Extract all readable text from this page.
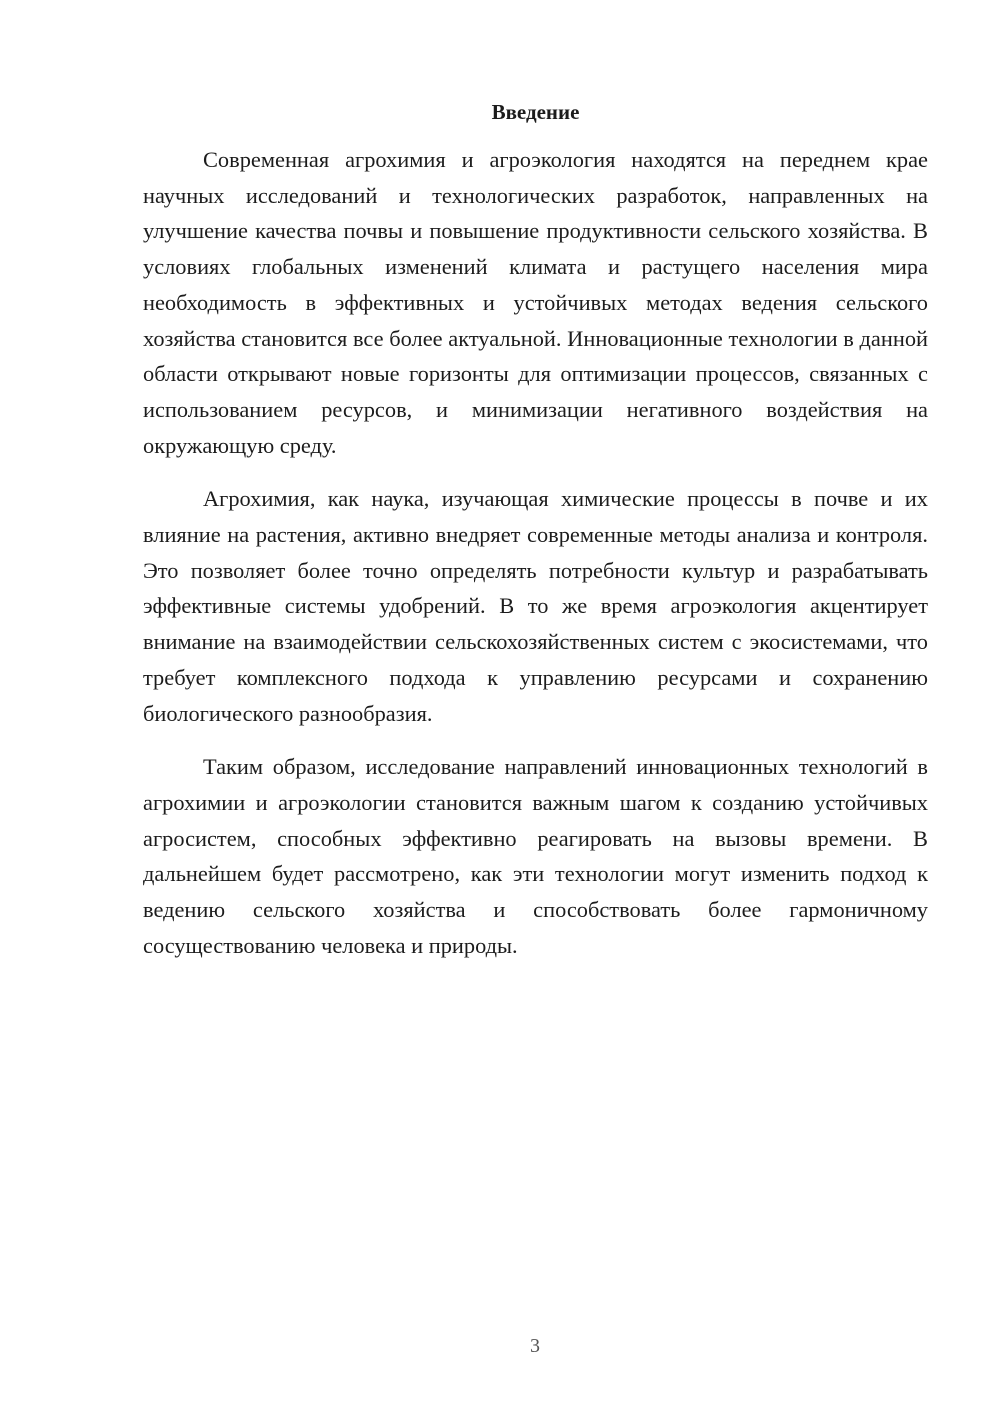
Введение

Современная агрохимия и агроэкология находятся на переднем крае научных исследований и технологических разработок, направленных на улучшение качества почвы и повышение продуктивности сельского хозяйства. В условиях глобальных изменений климата и растущего населения мира необходимость в эффективных и устойчивых методах ведения сельского хозяйства становится все более актуальной. Инновационные технологии в данной области открывают новые горизонты для оптимизации процессов, связанных с использованием ресурсов, и минимизации негативного воздействия на окружающую среду.

Агрохимия, как наука, изучающая химические процессы в почве и их влияние на растения, активно внедряет современные методы анализа и контроля. Это позволяет более точно определять потребности культур и разрабатывать эффективные системы удобрений. В то же время агроэкология акцентирует внимание на взаимодействии сельскохозяйственных систем с экосистемами, что требует комплексного подхода к управлению ресурсами и сохранению биологического разнообразия.

Таким образом, исследование направлений инновационных технологий в агрохимии и агроэкологии становится важным шагом к созданию устойчивых агросистем, способных эффективно реагировать на вызовы времени. В дальнейшем будет рассмотрено, как эти технологии могут изменить подход к ведению сельского хозяйства и способствовать более гармоничному сосуществованию человека и природы.

3
